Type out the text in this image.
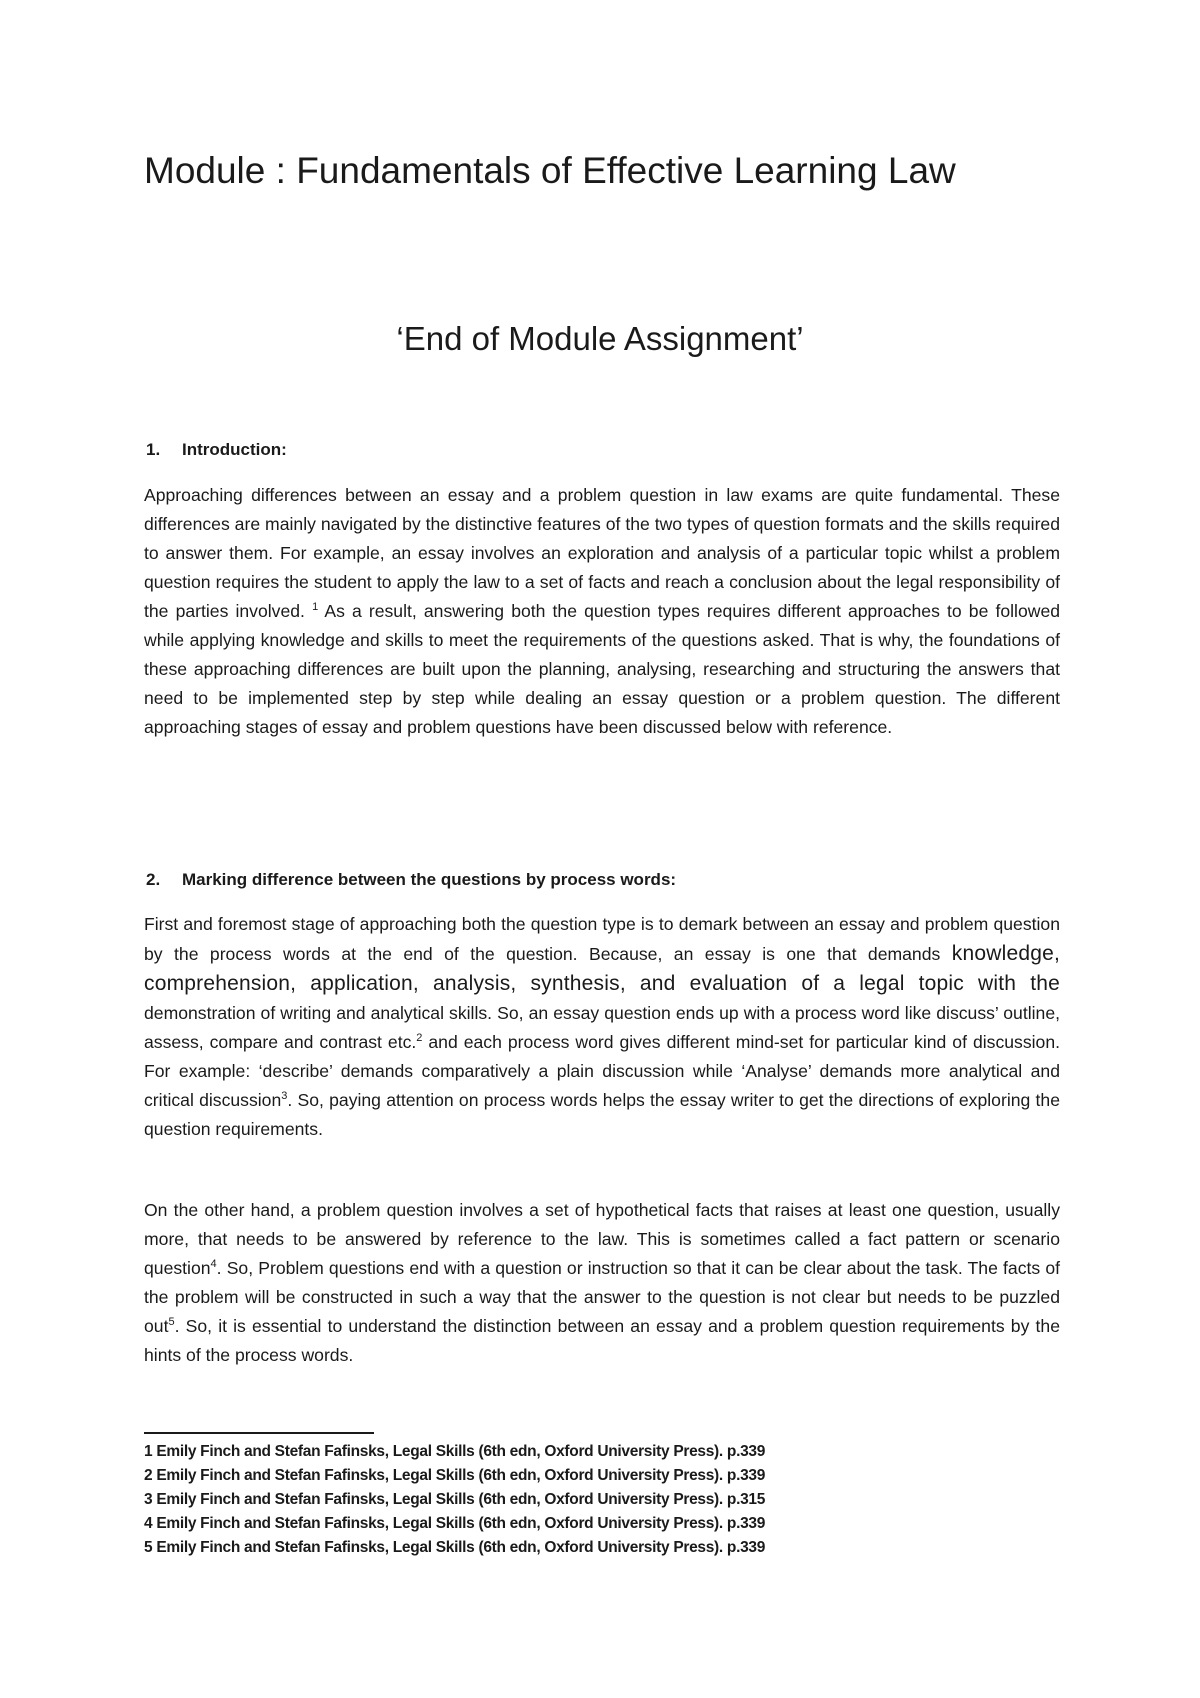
Module : Fundamentals of Effective Learning Law
‘End of Module Assignment’
1. Introduction:

Approaching differences between an essay and a problem question in law exams are quite fundamental. These differences are mainly navigated by the distinctive features of the two types of question formats and the skills required to answer them. For example, an essay involves an exploration and analysis of a particular topic whilst a problem question requires the student to apply the law to a set of facts and reach a conclusion about the legal responsibility of the parties involved. $^1$ As a result, answering both the question types requires different approaches to be followed while applying knowledge and skills to meet the requirements of the questions asked. That is why, the foundations of these approaching differences are built upon the planning, analysing, researching and structuring the answers that need to be implemented step by step while dealing an essay question or a problem question. The different approaching stages of essay and problem questions have been discussed below with reference.

2. Marking difference between the questions by process words:

First and foremost stage of approaching both the question type is to demark between an essay and problem question by the process words at the end of the question. Because, an essay is one that demands knowledge, comprehension, application, analysis, synthesis, and evaluation of a legal topic with the demonstration of writing and analytical skills. So, an essay question ends up with a process word like discuss’ outline, assess, compare and contrast etc.$^2$ and each process word gives different mind-set for particular kind of discussion. For example: ‘describe’ demands comparatively a plain discussion while ‘Analyse’ demands more analytical and critical discussion$^3$. So, paying attention on process words helps the essay writer to get the directions of exploring the question requirements.

On the other hand, a problem question involves a set of hypothetical facts that raises at least one question, usually more, that needs to be answered by reference to the law. This is sometimes called a fact pattern or scenario question$^4$. So, Problem questions end with a question or instruction so that it can be clear about the task. The facts of the problem will be constructed in such a way that the answer to the question is not clear but needs to be puzzled out$^5$. So, it is essential to understand the distinction between an essay and a problem question requirements by the hints of the process words.

1 Emily Finch and Stefan Fafinsks, Legal Skills (6th edn, Oxford University Press). p.339
2 Emily Finch and Stefan Fafinsks, Legal Skills (6th edn, Oxford University Press). p.339
3 Emily Finch and Stefan Fafinsks, Legal Skills (6th edn, Oxford University Press). p.315
4 Emily Finch and Stefan Fafinsks, Legal Skills (6th edn, Oxford University Press). p.339
5 Emily Finch and Stefan Fafinsks, Legal Skills (6th edn, Oxford University Press). p.339
